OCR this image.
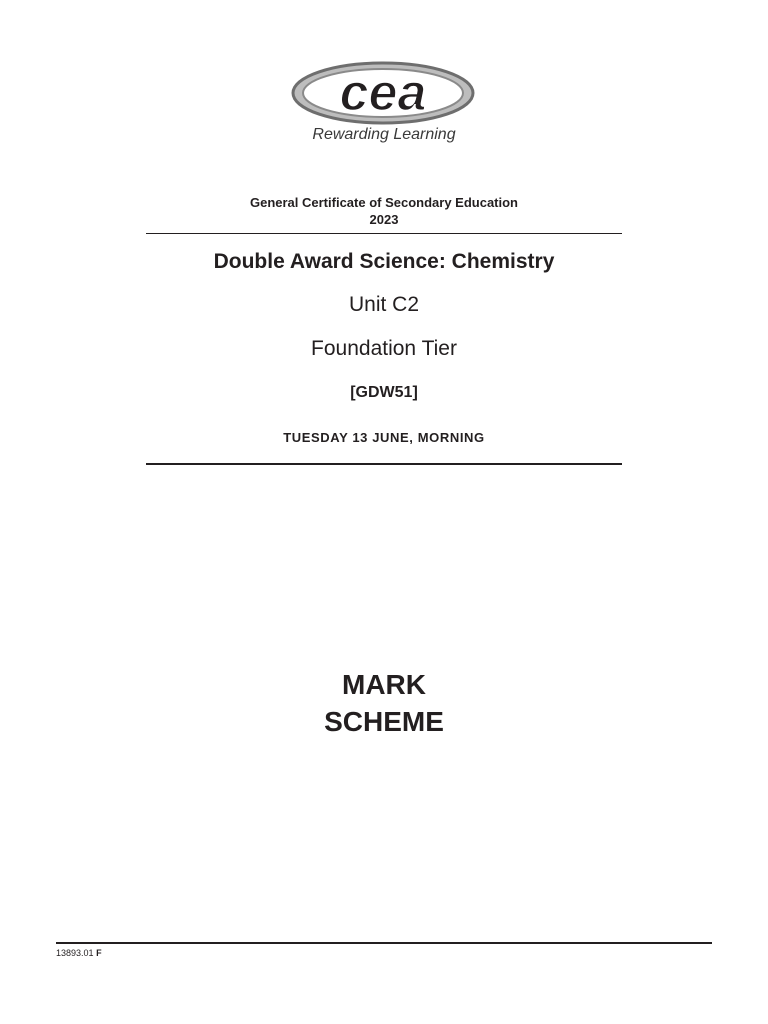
cea
Rewarding Learning
General Certificate of Secondary Education
2023
Double Award Science: Chemistry
Unit C2
Foundation Tier
[GDW51]
TUESDAY 13 JUNE, MORNING
MARK
SCHEME
13893.01 F
